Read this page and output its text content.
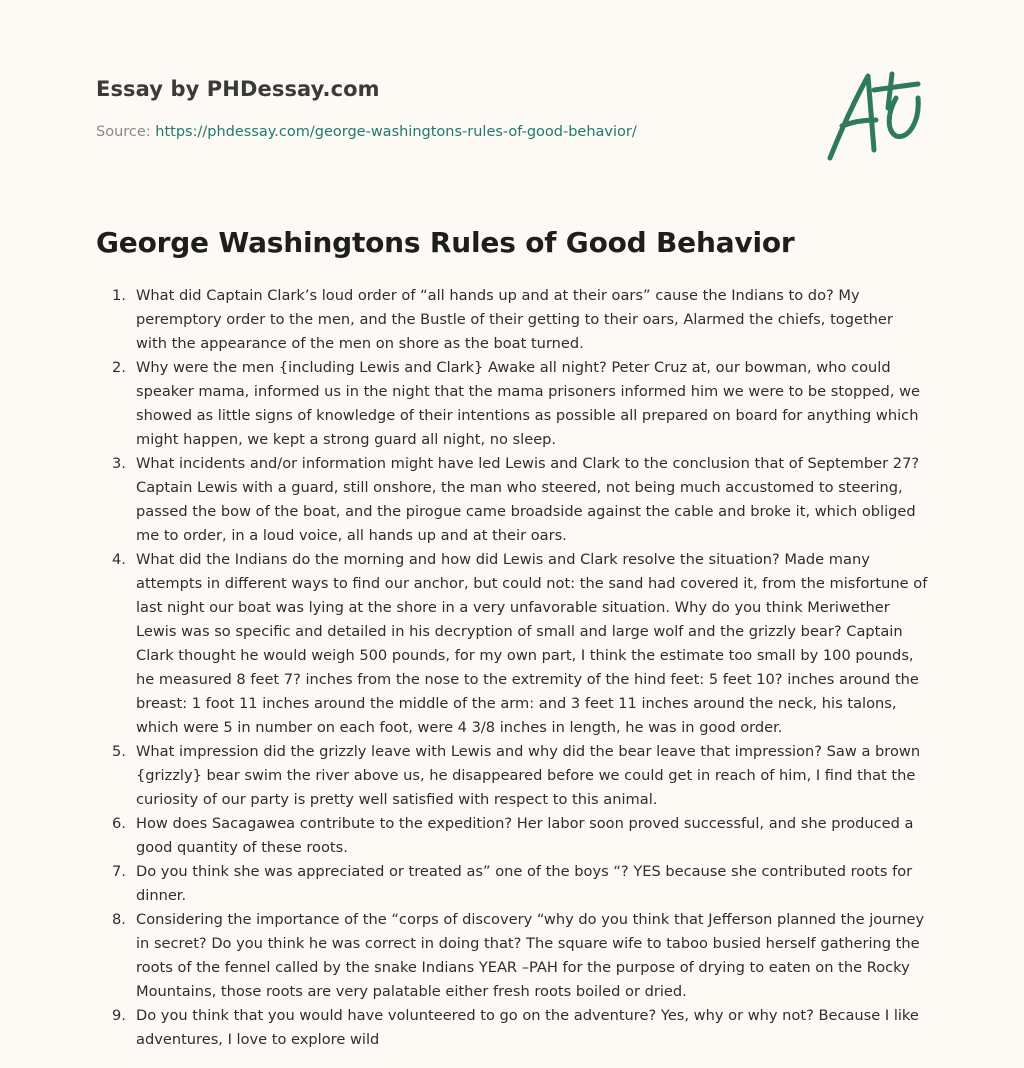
Essay by PHDessay.com
Source: https://phdessay.com/george-washingtons-rules-of-good-behavior/
George Washingtons Rules of Good Behavior
1. What did Captain Clark’s loud order of “all hands up and at their oars” cause the Indians to do? My peremptory order to the men, and the Bustle of their getting to their oars, Alarmed the chiefs, together with the appearance of the men on shore as the boat turned.
2. Why were the men {including Lewis and Clark} Awake all night? Peter Cruz at, our bowman, who could speaker mama, informed us in the night that the mama prisoners informed him we were to be stopped, we showed as little signs of knowledge of their intentions as possible all prepared on board for anything which might happen, we kept a strong guard all night, no sleep.
3. What incidents and/or information might have led Lewis and Clark to the conclusion that of September 27? Captain Lewis with a guard, still onshore, the man who steered, not being much accustomed to steering, passed the bow of the boat, and the pirogue came broadside against the cable and broke it, which obliged me to order, in a loud voice, all hands up and at their oars.
4. What did the Indians do the morning and how did Lewis and Clark resolve the situation? Made many attempts in different ways to find our anchor, but could not: the sand had covered it, from the misfortune of last night our boat was lying at the shore in a very unfavorable situation. Why do you think Meriwether Lewis was so specific and detailed in his decryption of small and large wolf and the grizzly bear? Captain Clark thought he would weigh 500 pounds, for my own part, I think the estimate too small by 100 pounds, he measured 8 feet 7? inches from the nose to the extremity of the hind feet: 5 feet 10? inches around the breast: 1 foot 11 inches around the middle of the arm: and 3 feet 11 inches around the neck, his talons, which were 5 in number on each foot, were 4 3/8 inches in length, he was in good order.
5. What impression did the grizzly leave with Lewis and why did the bear leave that impression? Saw a brown {grizzly} bear swim the river above us, he disappeared before we could get in reach of him, I find that the curiosity of our party is pretty well satisfied with respect to this animal.
6. How does Sacagawea contribute to the expedition? Her labor soon proved successful, and she produced a good quantity of these roots.
7. Do you think she was appreciated or treated as” one of the boys “? YES because she contributed roots for dinner.
8. Considering the importance of the “corps of discovery “why do you think that Jefferson planned the journey in secret? Do you think he was correct in doing that? The square wife to taboo busied herself gathering the roots of the fennel called by the snake Indians YEAR –PAH for the purpose of drying to eaten on the Rocky Mountains, those roots are very palatable either fresh roots boiled or dried.
9. Do you think that you would have volunteered to go on the adventure? Yes, why or why not? Because I like adventures, I love to explore wild
